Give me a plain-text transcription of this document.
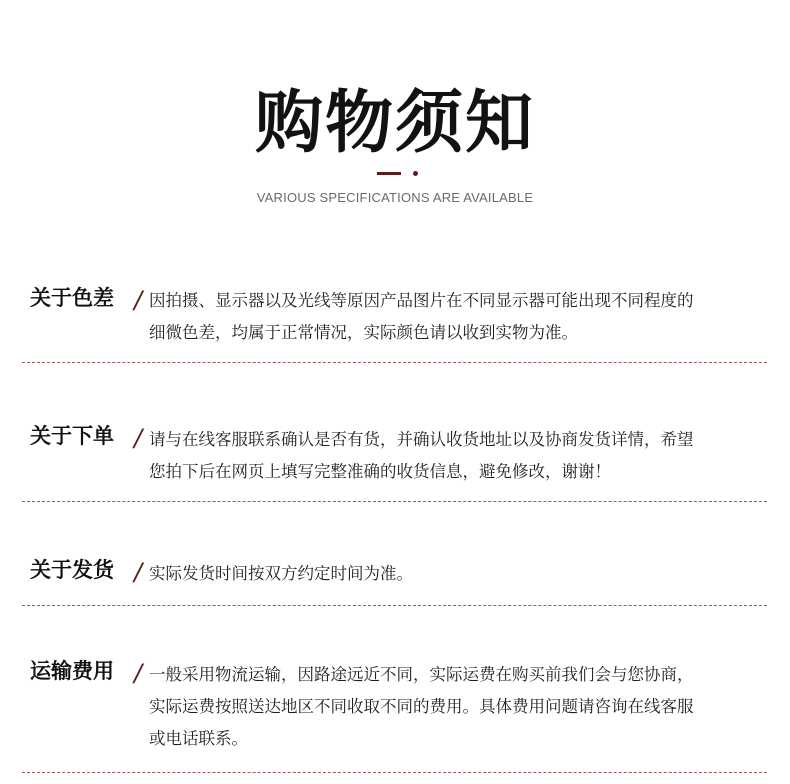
购物须知
VARIOUS SPECIFICATIONS ARE AVAILABLE
关于色差 / 因拍摄、显示器以及光线等原因产品图片在不同显示器可能出现不同程度的
细微色差，均属于正常情况，实际颜色请以收到实物为准。
关于下单 / 请与在线客服联系确认是否有货，并确认收货地址以及协商发货详情，希望
您拍下后在网页上填写完整准确的收货信息，避免修改，谢谢！
关于发货 / 实际发货时间按双方约定时间为准。
运输费用 / 一般采用物流运输，因路途远近不同，实际运费在购买前我们会与您协商，
实际运费按照送达地区不同收取不同的费用。具体费用问题请咨询在线客服
或电话联系。
